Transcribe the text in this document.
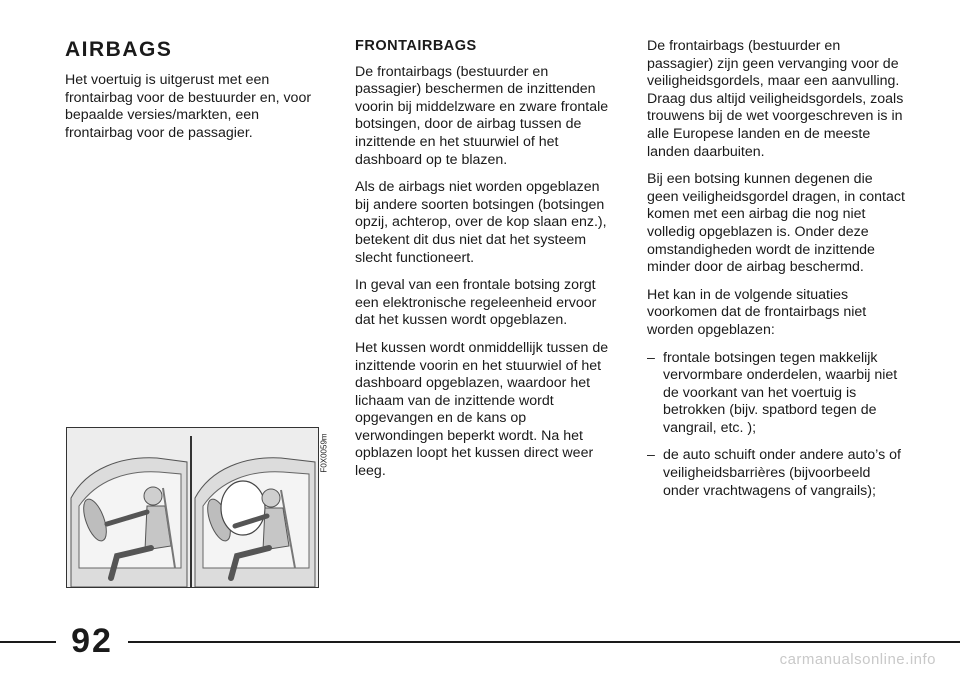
AIRBAGS

Het voertuig is uitgerust met een frontairbag voor de bestuurder en, voor bepaalde versies/markten, een frontairbag voor de passagier.

FRONTAIRBAGS

De frontairbags (bestuurder en passagier) beschermen de inzittenden voorin bij middelzware en zware frontale botsingen, door de airbag tussen de inzittende en het stuurwiel of het dashboard op te blazen.

Als de airbags niet worden opgeblazen bij andere soorten botsingen (botsingen opzij, achterop, over de kop slaan enz.), betekent dit dus niet dat het systeem slecht functioneert.

In geval van een frontale botsing zorgt een elektronische regeleenheid ervoor dat het kussen wordt opgeblazen.

Het kussen wordt onmiddellijk tussen de inzittende voorin en het stuurwiel of het dashboard opgeblazen, waardoor het lichaam van de inzittende wordt opgevangen en de kans op verwondingen beperkt wordt. Na het opblazen loopt het kussen direct weer leeg.

De frontairbags (bestuurder en passagier) zijn geen vervanging voor de veiligheidsgordels, maar een aanvulling. Draag dus altijd veiligheidsgordels, zoals trouwens bij de wet voorgeschreven is in alle Europese landen en de meeste landen daarbuiten.

Bij een botsing kunnen degenen die geen veiligheidsgordel dragen, in contact komen met een airbag die nog niet volledig opgeblazen is. Onder deze omstandigheden wordt de inzittende minder door de airbag beschermd.

Het kan in de volgende situaties voorkomen dat de frontairbags niet worden opgeblazen:

– frontale botsingen tegen makkelijk vervormbare onderdelen, waarbij niet de voorkant van het voertuig is betrokken (bijv. spatbord tegen de vangrail, etc. );
– de auto schuift onder andere auto’s of veiligheidsbarrières (bijvoorbeeld onder vrachtwagens of vangrails);
F0X0059m
92	carmanualsonline.info
